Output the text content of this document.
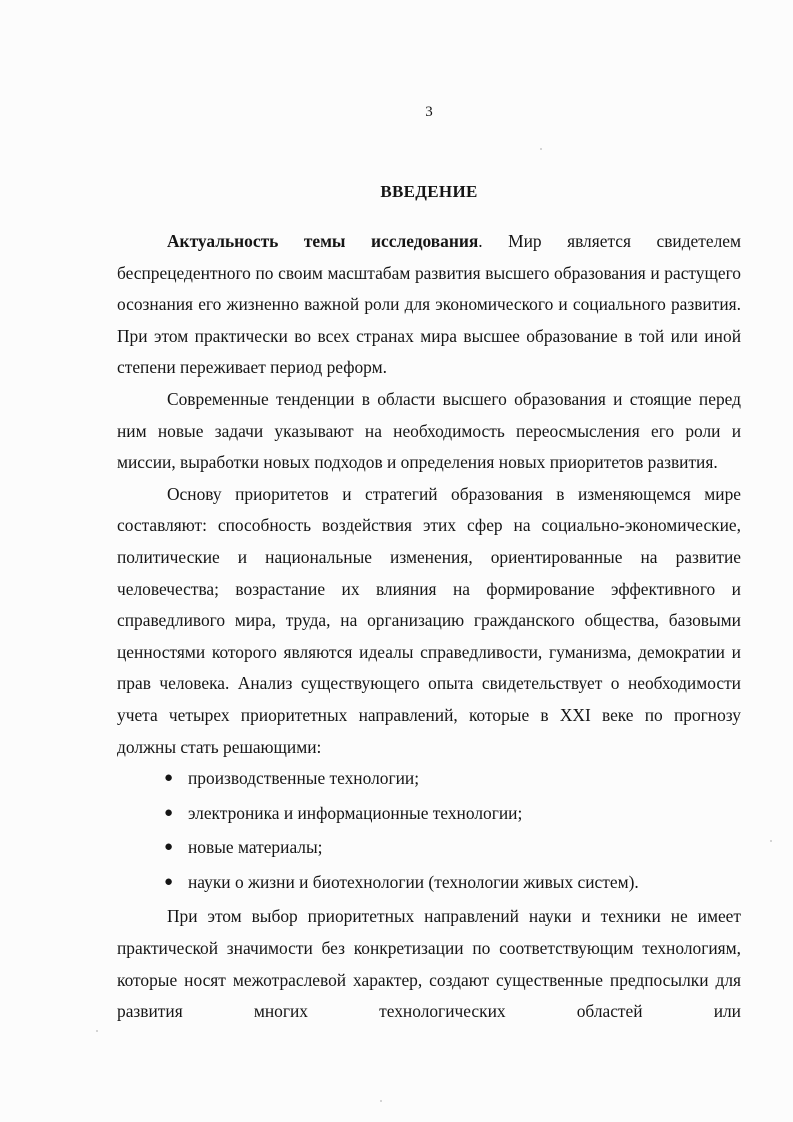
3
ВВЕДЕНИЕ

Актуальность темы исследования. Мир является свидетелем беспрецедентного по своим масштабам развития высшего образования и растущего осознания его жизненно важной роли для экономического и социального развития. При этом практически во всех странах мира высшее образование в той или иной степени переживает период реформ.

Современные тенденции в области высшего образования и стоящие перед ним новые задачи указывают на необходимость переосмысления его роли и миссии, выработки новых подходов и определения новых приоритетов развития.

Основу приоритетов и стратегий образования в изменяющемся мире составляют: способность воздействия этих сфер на социально-экономические, политические и национальные изменения, ориентированные на развитие человечества; возрастание их влияния на формирование эффективного и справедливого мира, труда, на организацию гражданского общества, базовыми ценностями которого являются идеалы справедливости, гуманизма, демократии и прав человека. Анализ существующего опыта свидетельствует о необходимости учета четырех приоритетных направлений, которые в XXI веке по прогнозу должны стать решающими:

● производственные технологии;
● электроника и информационные технологии;
● новые материалы;
● науки о жизни и биотехнологии (технологии живых систем).

При этом выбор приоритетных направлений науки и техники не имеет практической значимости без конкретизации по соответствующим технологиям, которые носят межотраслевой характер, создают существенные предпосылки для развития многих технологических областей или
